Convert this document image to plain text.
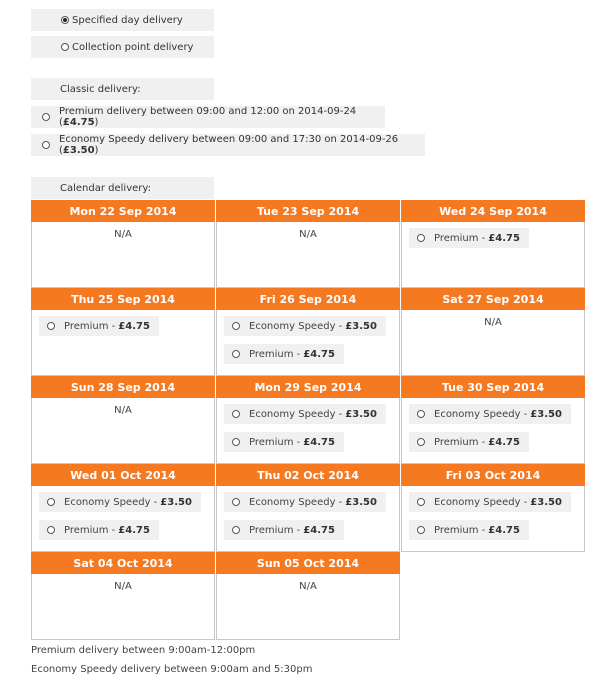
Specified day delivery
Collection point delivery
Classic delivery:
Premium delivery between 09:00 and 12:00 on 2014-09-24 (£4.75)
Economy Speedy delivery between 09:00 and 17:30 on 2014-09-26 (£3.50)
Calendar delivery:
Mon 22 Sep 2014
N/A
Tue 23 Sep 2014
N/A
Wed 24 Sep 2014
Premium - £4.75
Thu 25 Sep 2014
Premium - £4.75
Fri 26 Sep 2014
Economy Speedy - £3.50
Premium - £4.75
Sat 27 Sep 2014
N/A
Sun 28 Sep 2014
N/A
Mon 29 Sep 2014
Economy Speedy - £3.50
Premium - £4.75
Tue 30 Sep 2014
Economy Speedy - £3.50
Premium - £4.75
Wed 01 Oct 2014
Economy Speedy - £3.50
Premium - £4.75
Thu 02 Oct 2014
Economy Speedy - £3.50
Premium - £4.75
Fri 03 Oct 2014
Economy Speedy - £3.50
Premium - £4.75
Sat 04 Oct 2014
N/A
Sun 05 Oct 2014
N/A
Premium delivery between 9:00am-12:00pm
Economy Speedy delivery between 9:00am and 5:30pm
